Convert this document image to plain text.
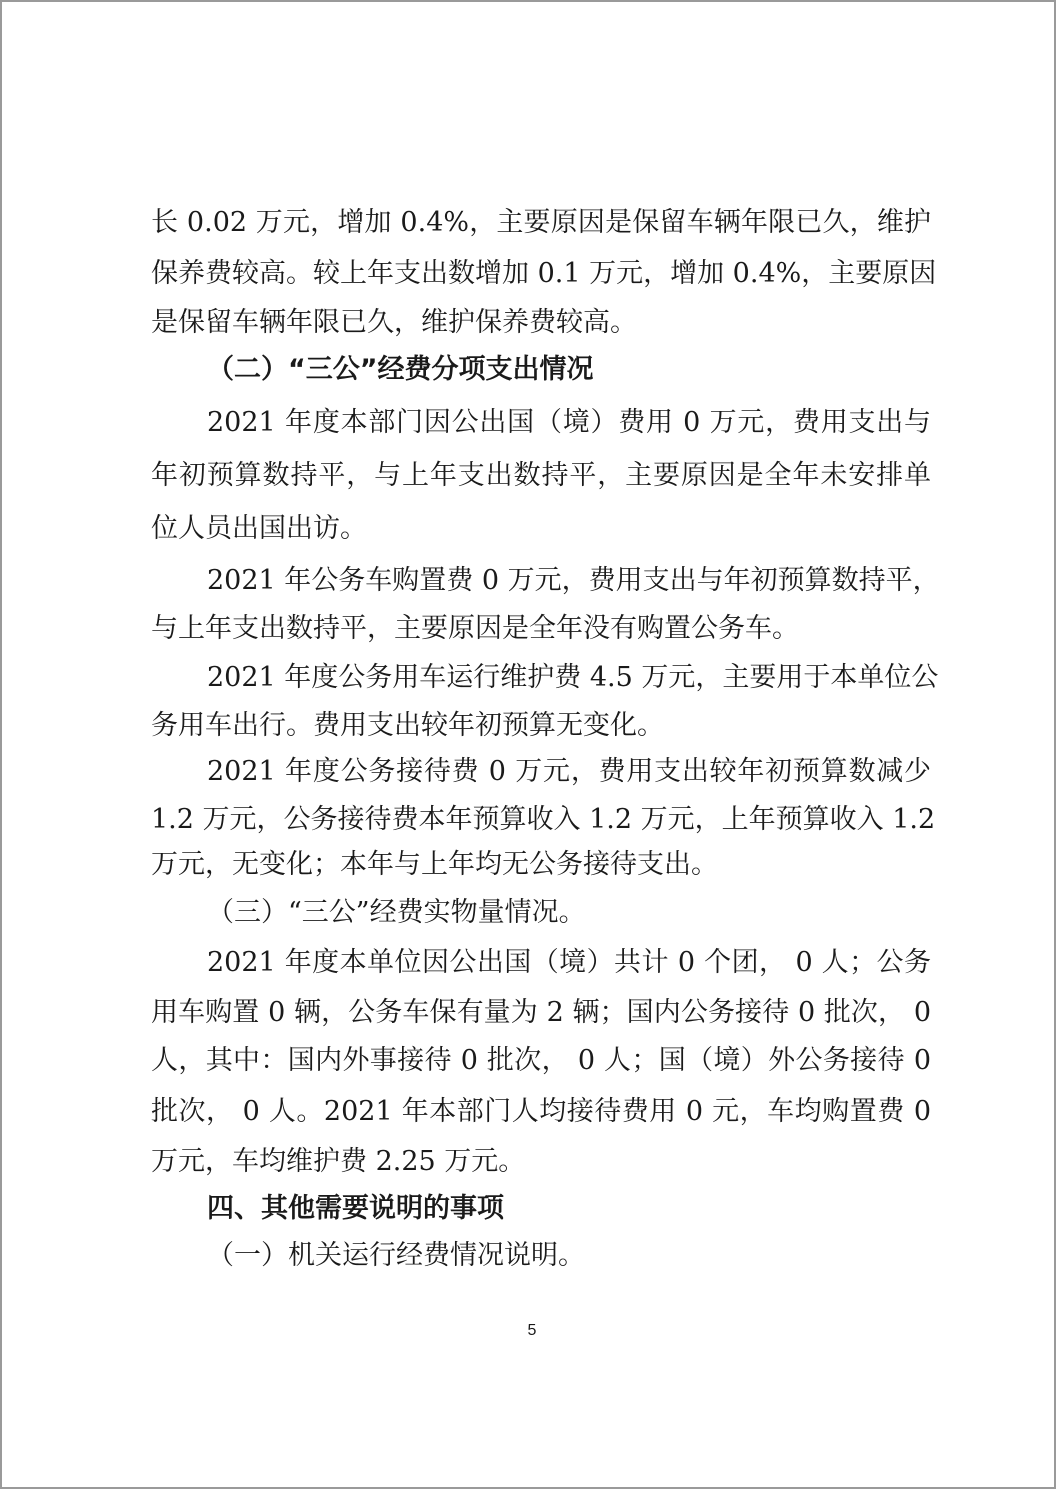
长 0.02 万元，增加 0.4%，主要原因是保留车辆年限已久，维护
保养费较高。较上年支出数增加 0.1 万元，增加 0.4%，主要原因
是保留车辆年限已久，维护保养费较高。
（二）“三公”经费分项支出情况
2021 年度本部门因公出国（境）费用 0 万元，费用支出与
年初预算数持平，与上年支出数持平，主要原因是全年未安排单
位人员出国出访。
2021 年公务车购置费 0 万元，费用支出与年初预算数持平，
与上年支出数持平，主要原因是全年没有购置公务车。
2021 年度公务用车运行维护费 4.5 万元，主要用于本单位公
务用车出行。费用支出较年初预算无变化。
2021 年度公务接待费 0 万元，费用支出较年初预算数减少
1.2 万元，公务接待费本年预算收入 1.2 万元，上年预算收入 1.2
万元，无变化；本年与上年均无公务接待支出。
（三）“三公”经费实物量情况。
2021 年度本单位因公出国（境）共计 0 个团， 0 人；公务
用车购置 0 辆，公务车保有量为 2 辆；国内公务接待 0 批次， 0
人，其中：国内外事接待 0 批次， 0 人；国（境）外公务接待 0
批次， 0 人。2021 年本部门人均接待费用 0 元，车均购置费 0
万元，车均维护费 2.25 万元。
四、其他需要说明的事项
（一）机关运行经费情况说明。
5
